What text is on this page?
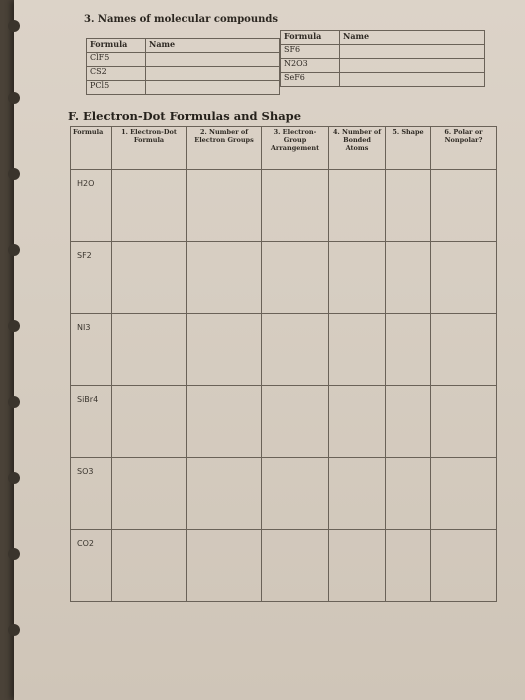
3. Names of molecular compounds
Formula	Name
ClF5	
CS2	
PCl5	
Formula	Name
SF6	
N2O3	
SeF6	
F. Electron-Dot Formulas and Shape
Formula	1. Electron-Dot Formula	2. Number of Electron Groups	3. Electron-Group Arrangement	4. Number of Bonded Atoms	5. Shape	6. Polar or Nonpolar?
H2O						
SF2						
NI3						
SiBr4						
SO3						
CO2						
